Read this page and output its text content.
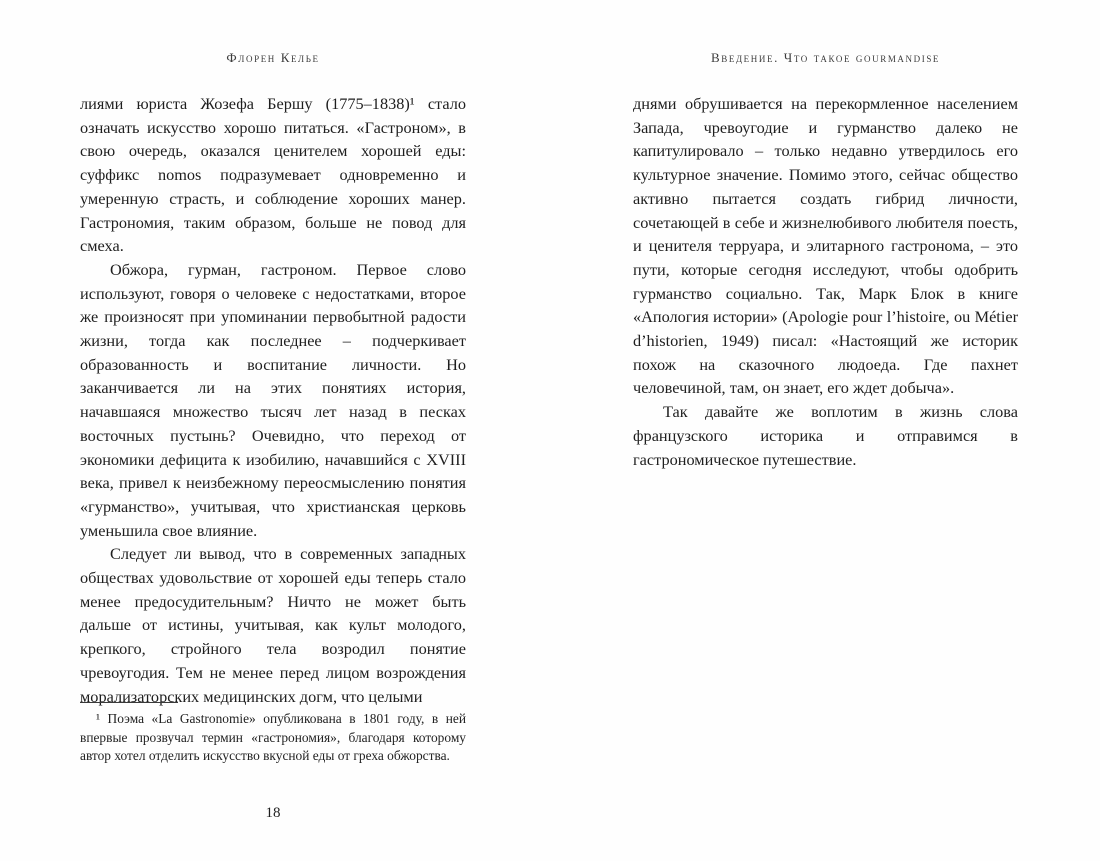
Флорен Келье

лиями юриста Жозефа Бершу (1775–1838)¹ стало означать искусство хорошо питаться. «Гастроном», в свою очередь, оказался ценителем хорошей еды: суффикс nomos подразумевает одновременно и умеренную страсть, и соблюдение хороших манер. Гастрономия, таким образом, больше не повод для смеха.

Обжора, гурман, гастроном. Первое слово используют, говоря о человеке с недостатками, второе же произносят при упоминании первобытной радости жизни, тогда как последнее – подчеркивает образованность и воспитание личности. Но заканчивается ли на этих понятиях история, начавшаяся множество тысяч лет назад в песках восточных пустынь? Очевидно, что переход от экономики дефицита к изобилию, начавшийся с XVIII века, привел к неизбежному переосмыслению понятия «гурманство», учитывая, что христианская церковь уменьшила свое влияние.

Следует ли вывод, что в современных западных обществах удовольствие от хорошей еды теперь стало менее предосудительным? Ничто не может быть дальше от истины, учитывая, как культ молодого, крепкого, стройного тела возродил понятие чревоугодия. Тем не менее перед лицом возрождения морализаторских медицинских догм, что целыми

¹ Поэма «La Gastronomie» опубликована в 1801 году, в ней впервые прозвучал термин «гастрономия», благодаря которому автор хотел отделить искусство вкусной еды от греха обжорства.

18
Введение. Что такое gourmandise

днями обрушивается на перекормленное населением Запада, чревоугодие и гурманство далеко не капитулировало – только недавно утвердилось его культурное значение. Помимо этого, сейчас общество активно пытается создать гибрид личности, сочетающей в себе и жизнелюбивого любителя поесть, и ценителя терруара, и элитарного гастронома, – это пути, которые сегодня исследуют, чтобы одобрить гурманство социально. Так, Марк Блок в книге «Апология истории» (Apologie pour l’histoire, ou Métier d’historien, 1949) писал: «Настоящий же историк похож на сказочного людоеда. Где пахнет человечиной, там, он знает, его ждет добыча».

Так давайте же воплотим в жизнь слова французского историка и отправимся в гастрономическое путешествие.
